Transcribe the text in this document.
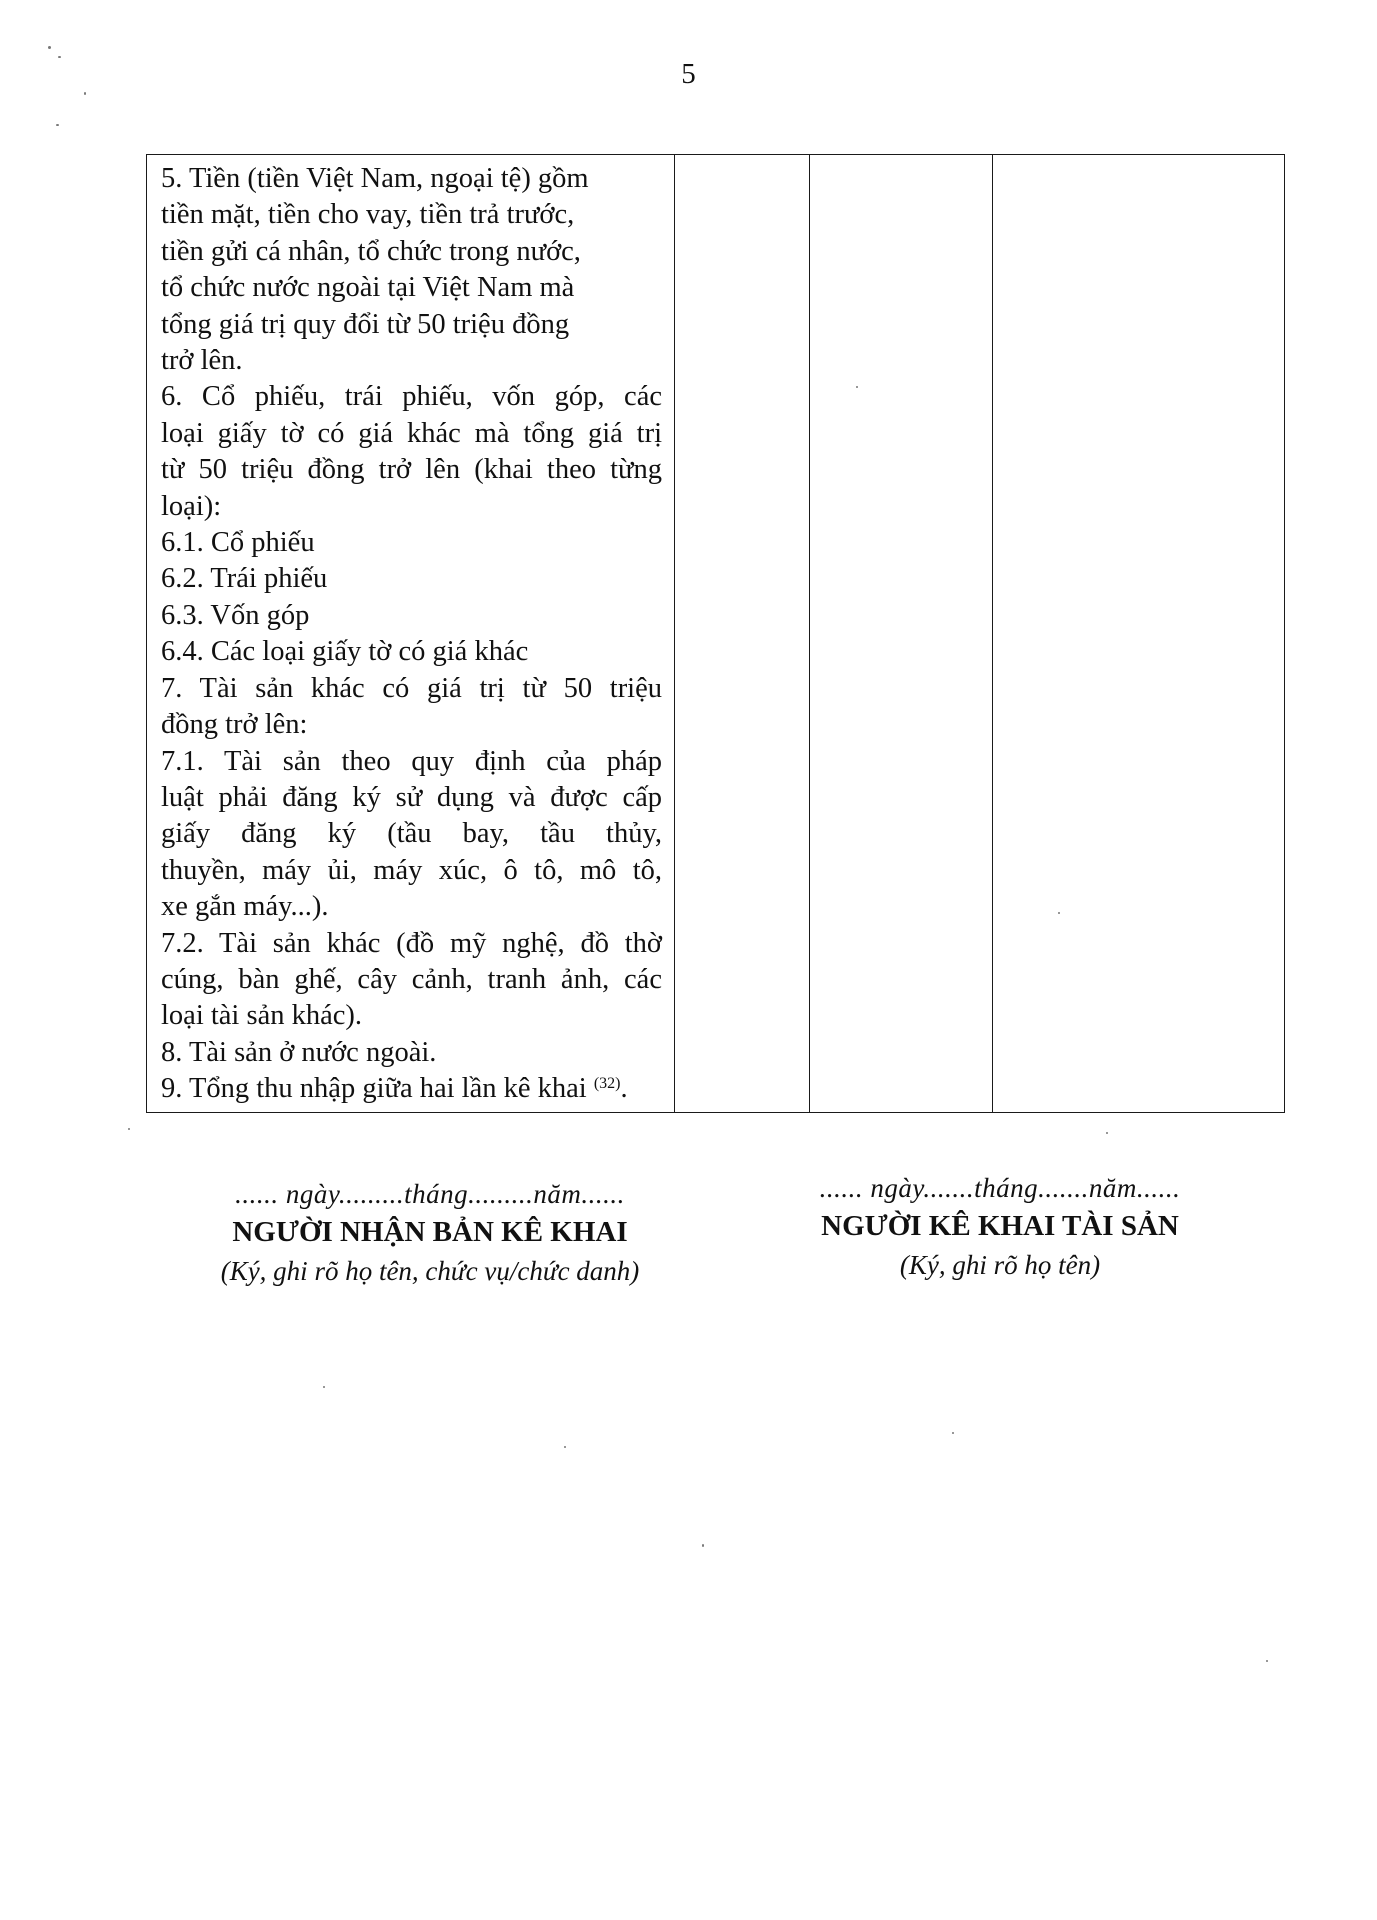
5
5. Tiền (tiền Việt Nam, ngoại tệ) gồm
tiền mặt, tiền cho vay, tiền trả trước,
tiền gửi cá nhân, tổ chức trong nước,
tổ chức nước ngoài tại Việt Nam mà
tổng giá trị quy đổi từ 50 triệu đồng
trở lên.
6. Cổ phiếu, trái phiếu, vốn góp, các
loại giấy tờ có giá khác mà tổng giá trị
từ 50 triệu đồng trở lên (khai theo từng
loại):
6.1. Cổ phiếu
6.2. Trái phiếu
6.3. Vốn góp
6.4. Các loại giấy tờ có giá khác
7. Tài sản khác có giá trị từ 50 triệu
đồng trở lên:
7.1. Tài sản theo quy định của pháp
luật phải đăng ký sử dụng và được cấp
giấy đăng ký (tầu bay, tầu thủy,
thuyền, máy ủi, máy xúc, ô tô, mô tô,
xe gắn máy...).
7.2. Tài sản khác (đồ mỹ nghệ, đồ thờ
cúng, bàn ghế, cây cảnh, tranh ảnh, các
loại tài sản khác).
8. Tài sản ở nước ngoài.
9. Tổng thu nhập giữa hai lần kê khai $^{(32)}$.

...... ngày.........tháng.........năm......
NGƯỜI NHẬN BẢN KÊ KHAI
(Ký, ghi rõ họ tên, chức vụ/chức danh)
...... ngày.......tháng.......năm......
NGƯỜI KÊ KHAI TÀI SẢN
(Ký, ghi rõ họ tên)
